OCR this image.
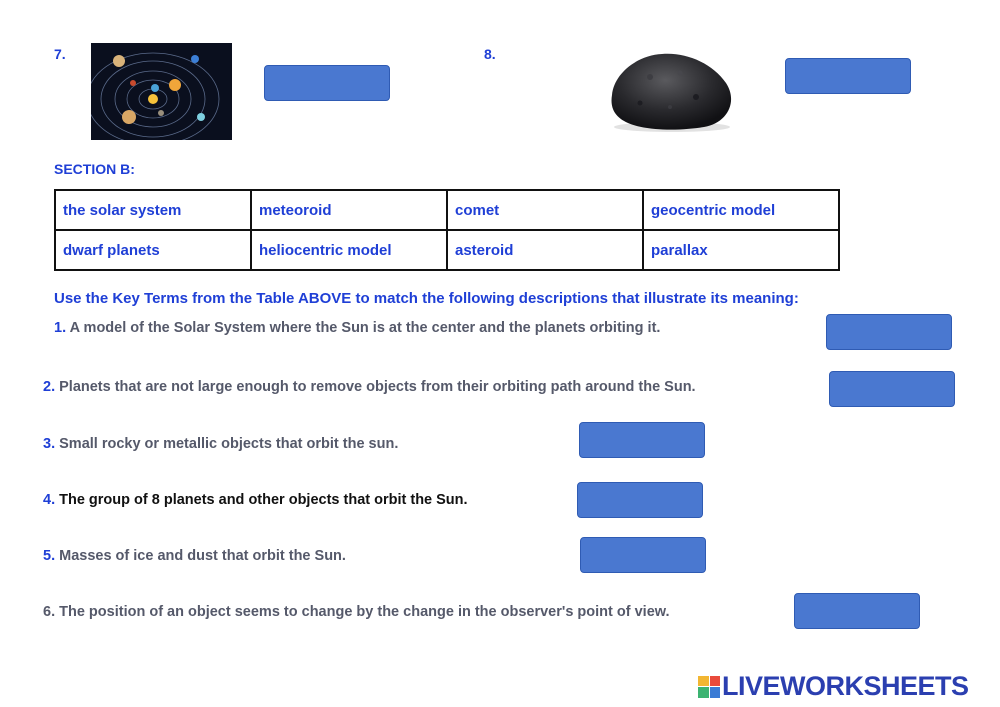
7.	8.
SECTION B:
the solar system	meteoroid	comet	geocentric model
dwarf planets	heliocentric model	asteroid	parallax
Use the Key Terms from the Table ABOVE to match the following descriptions that illustrate its meaning:
1. A model of the Solar System where the Sun is at the center and the planets orbiting it.
2. Planets that are not large enough to remove objects from their orbiting path around the Sun.
3. Small rocky or metallic objects that orbit the sun.
4. The group of 8 planets and other objects that orbit the Sun.
5. Masses of ice and dust that orbit the Sun.
6. The position of an object seems to change by the change in the observer's point of view.
LIVEWORKSHEETS
